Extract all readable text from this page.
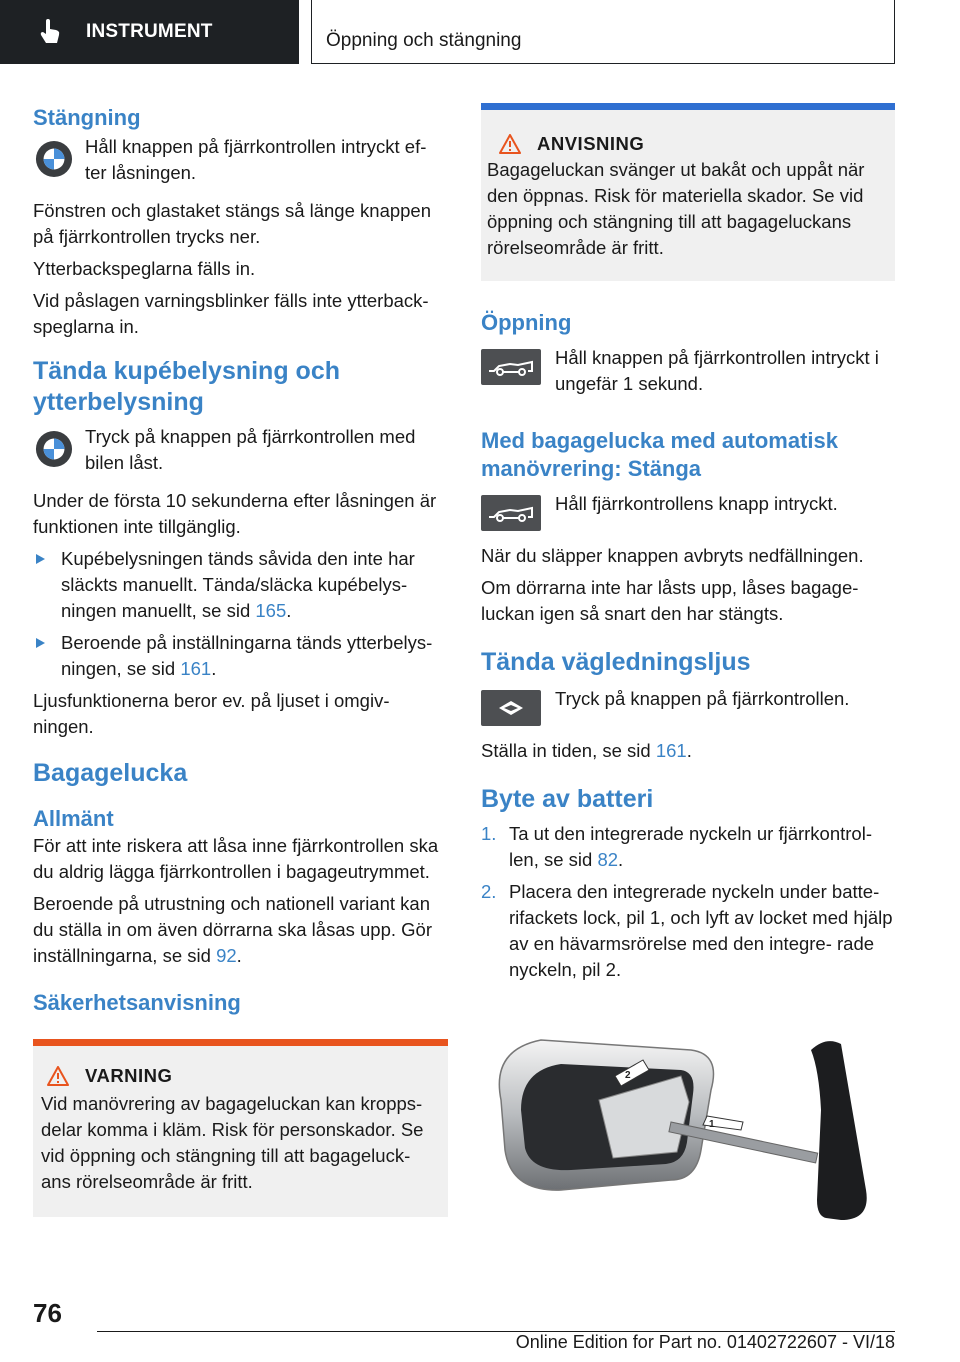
INSTRUMENT	Öppning och stängning
Stängning
Håll knappen på fjärrkontrollen intryckt ef‐ ter låsningen.

Fönstren och glastaket stängs så länge knappen på fjärrkontrollen trycks ner.

Ytterbackspeglarna fälls in.

Vid påslagen varningsblinker fälls inte ytterback‐ speglarna in.

Tända kupébelysning och ytterbelysning
Tryck på knappen på fjärrkontrollen med bilen låst.

Under de första 10 sekunderna efter låsningen är funktionen inte tillgänglig.

Kupébelysningen tänds såvida den inte har släckts manuellt. Tända/släcka kupébelys‐ ningen manuellt, se sid 165.
Beroende på inställningarna tänds ytterbelys‐ ningen, se sid 161.

Ljusfunktionerna beror ev. på ljuset i omgiv‐ ningen.

Bagagelucka
Allmänt

För att inte riskera att låsa inne fjärrkontrollen ska du aldrig lägga fjärrkontrollen i bagageutrymmet.

Beroende på utrustning och nationell variant kan du ställa in om även dörrarna ska låsas upp. Gör inställningarna, se sid 92.

Säkerhetsanvisning
VARNING

Vid manövrering av bagageluckan kan kropps‐ delar komma i kläm. Risk för personskador. Se vid öppning och stängning till att bagageluck‐ ans rörelseområde är fritt.

ANVISNING

Bagageluckan svänger ut bakåt och uppåt när den öppnas. Risk för materiella skador. Se vid öppning och stängning till att bagageluckans rörelseområde är fritt.

Öppning
Håll knappen på fjärrkontrollen intryckt i ungefär 1 sekund.
Med bagagelucka med automatisk manövrering: Stänga
Håll fjärrkontrollens knapp intryckt.

När du släpper knappen avbryts nedfällningen.

Om dörrarna inte har låsts upp, låses bagage‐ luckan igen så snart den har stängts.

Tända vägledningsljus
Tryck på knappen på fjärrkontrollen.

Ställa in tiden, se sid 161.

Byte av batteri
1. Ta ut den integrerade nyckeln ur fjärrkontrol‐ len, se sid 82.
2. Placera den integrerade nyckeln under batte‐ rifackets lock, pil 1, och lyft av locket med hjälp av en hävarmsrörelse med den integre‐ rade nyckeln, pil 2.
1
2
76
Online Edition for Part no. 01402722607 - VI/18
